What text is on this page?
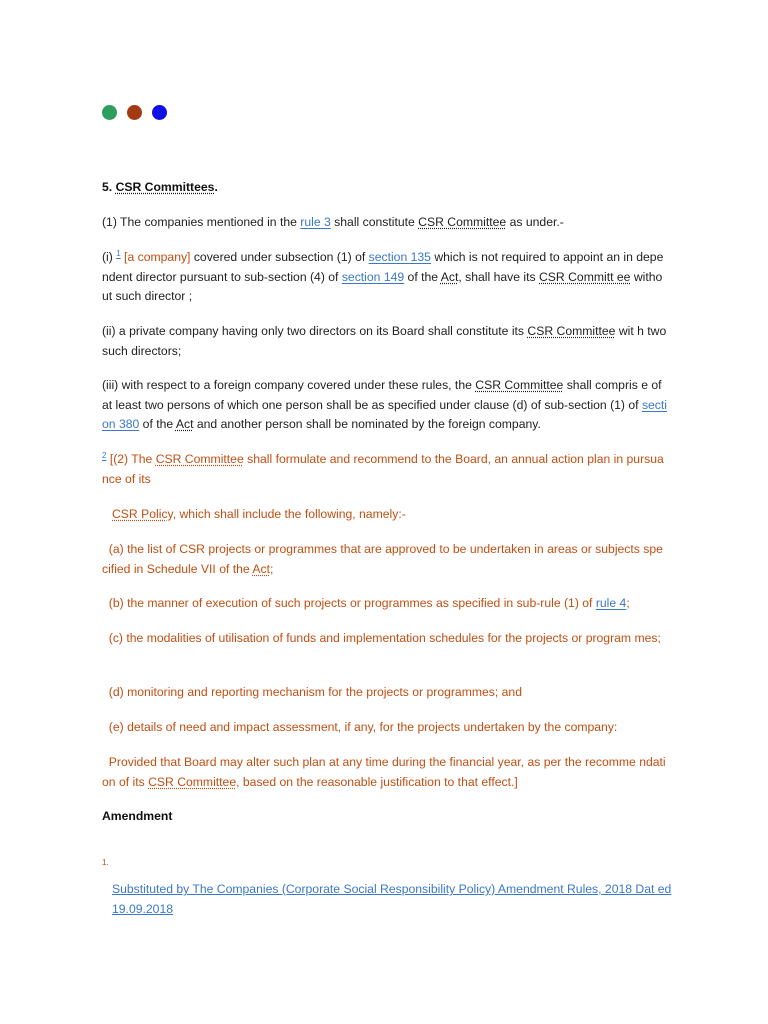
5. CSR Committees.

(1) The companies mentioned in the rule 3 shall constitute CSR Committee as under.-

(i) $^1$ [a company] covered under subsection (1) of section 135 which is not required to appoint an in dependent director pursuant to sub-section (4) of section 149 of the Act, shall have its CSR Committ ee without such director ;

(ii) a private company having only two directors on its Board shall constitute its CSR Committee wit h two such directors;

(iii) with respect to a foreign company covered under these rules, the CSR Committee shall compris e of at least two persons of which one person shall be as specified under clause (d) of sub-section (1) of section 380 of the Act and another person shall be nominated by the foreign company.

$^2$ [(2) The CSR Committee shall formulate and recommend to the Board, an annual action plan in pursuance of its

CSR Policy, which shall include the following, namely:-

(a) the list of CSR projects or programmes that are approved to be undertaken in areas or subjects specified in Schedule VII of the Act;

(b) the manner of execution of such projects or programmes as specified in sub-rule (1) of rule 4;

(c) the modalities of utilisation of funds and implementation schedules for the projects or program mes;

(d) monitoring and reporting mechanism for the projects or programmes; and

(e) details of need and impact assessment, if any, for the projects undertaken by the company:

Provided that Board may alter such plan at any time during the financial year, as per the recomme ndation of its CSR Committee, based on the reasonable justification to that effect.]

Amendment

1.
Substituted by The Companies (Corporate Social Responsibility Policy) Amendment Rules, 2018 Dat ed 19.09.2018
